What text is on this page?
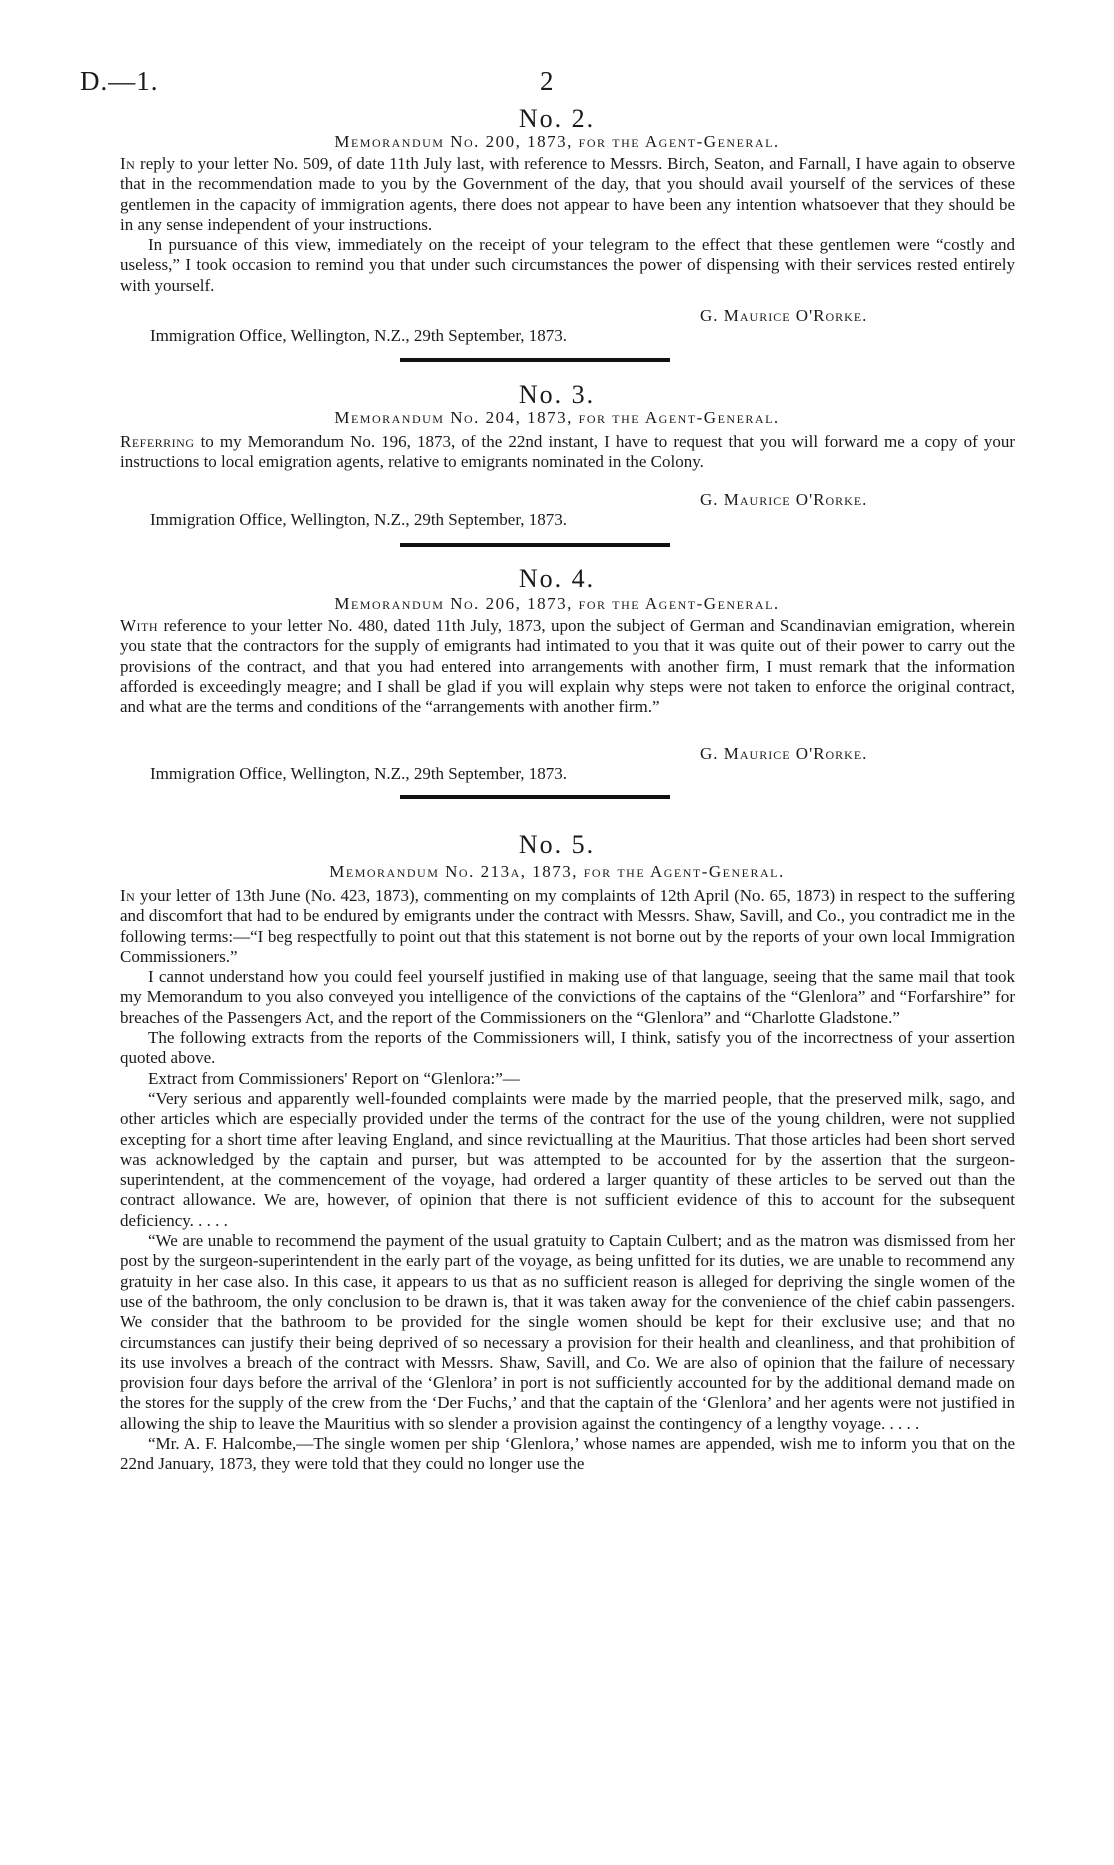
D.—1.	2
No. 2.
Memorandum No. 200, 1873, for the Agent-General.

In reply to your letter No. 509, of date 11th July last, with reference to Messrs. Birch, Seaton, and Farnall, I have again to observe that in the recommendation made to you by the Government of the day, that you should avail yourself of the services of these gentlemen in the capacity of immigration agents, there does not appear to have been any intention whatsoever that they should be in any sense independent of your instructions.

In pursuance of this view, immediately on the receipt of your telegram to the effect that these gentlemen were “costly and useless,” I took occasion to remind you that under such circumstances the power of dispensing with their services rested entirely with yourself.

G. Maurice O'Rorke.
Immigration Office, Wellington, N.Z., 29th September, 1873.
No. 3.
Memorandum No. 204, 1873, for the Agent-General.

Referring to my Memorandum No. 196, 1873, of the 22nd instant, I have to request that you will forward me a copy of your instructions to local emigration agents, relative to emigrants nominated in the Colony.

G. Maurice O'Rorke.
Immigration Office, Wellington, N.Z., 29th September, 1873.
No. 4.
Memorandum No. 206, 1873, for the Agent-General.

With reference to your letter No. 480, dated 11th July, 1873, upon the subject of German and Scandinavian emigration, wherein you state that the contractors for the supply of emigrants had intimated to you that it was quite out of their power to carry out the provisions of the contract, and that you had entered into arrangements with another firm, I must remark that the information afforded is exceedingly meagre; and I shall be glad if you will explain why steps were not taken to enforce the original contract, and what are the terms and conditions of the “arrangements with another firm.”

G. Maurice O'Rorke.
Immigration Office, Wellington, N.Z., 29th September, 1873.
No. 5.
Memorandum No. 213a, 1873, for the Agent-General.

In your letter of 13th June (No. 423, 1873), commenting on my complaints of 12th April (No. 65, 1873) in respect to the suffering and discomfort that had to be endured by emigrants under the contract with Messrs. Shaw, Savill, and Co., you contradict me in the following terms:—“I beg respectfully to point out that this statement is not borne out by the reports of your own local Immigration Commissioners.”

I cannot understand how you could feel yourself justified in making use of that language, seeing that the same mail that took my Memorandum to you also conveyed you intelligence of the convictions of the captains of the “Glenlora” and “Forfarshire” for breaches of the Passengers Act, and the report of the Commissioners on the “Glenlora” and “Charlotte Gladstone.”

The following extracts from the reports of the Commissioners will, I think, satisfy you of the incorrectness of your assertion quoted above.

Extract from Commissioners' Report on “Glenlora:”—

“Very serious and apparently well-founded complaints were made by the married people, that the preserved milk, sago, and other articles which are especially provided under the terms of the contract for the use of the young children, were not supplied excepting for a short time after leaving England, and since revictualling at the Mauritius. That those articles had been short served was acknowledged by the captain and purser, but was attempted to be accounted for by the assertion that the surgeon-superintendent, at the commencement of the voyage, had ordered a larger quantity of these articles to be served out than the contract allowance. We are, however, of opinion that there is not sufficient evidence of this to account for the subsequent deficiency. . . . .

“We are unable to recommend the payment of the usual gratuity to Captain Culbert; and as the matron was dismissed from her post by the surgeon-superintendent in the early part of the voyage, as being unfitted for its duties, we are unable to recommend any gratuity in her case also. In this case, it appears to us that as no sufficient reason is alleged for depriving the single women of the use of the bathroom, the only conclusion to be drawn is, that it was taken away for the convenience of the chief cabin passengers. We consider that the bathroom to be provided for the single women should be kept for their exclusive use; and that no circumstances can justify their being deprived of so necessary a provision for their health and cleanliness, and that prohibition of its use involves a breach of the contract with Messrs. Shaw, Savill, and Co. We are also of opinion that the failure of necessary provision four days before the arrival of the ‘Glenlora’ in port is not sufficiently accounted for by the additional demand made on the stores for the supply of the crew from the ‘Der Fuchs,’ and that the captain of the ‘Glenlora’ and her agents were not justified in allowing the ship to leave the Mauritius with so slender a provision against the contingency of a lengthy voyage. . . . .

“Mr. A. F. Halcombe,—The single women per ship ‘Glenlora,’ whose names are appended, wish me to inform you that on the 22nd January, 1873, they were told that they could no longer use the
